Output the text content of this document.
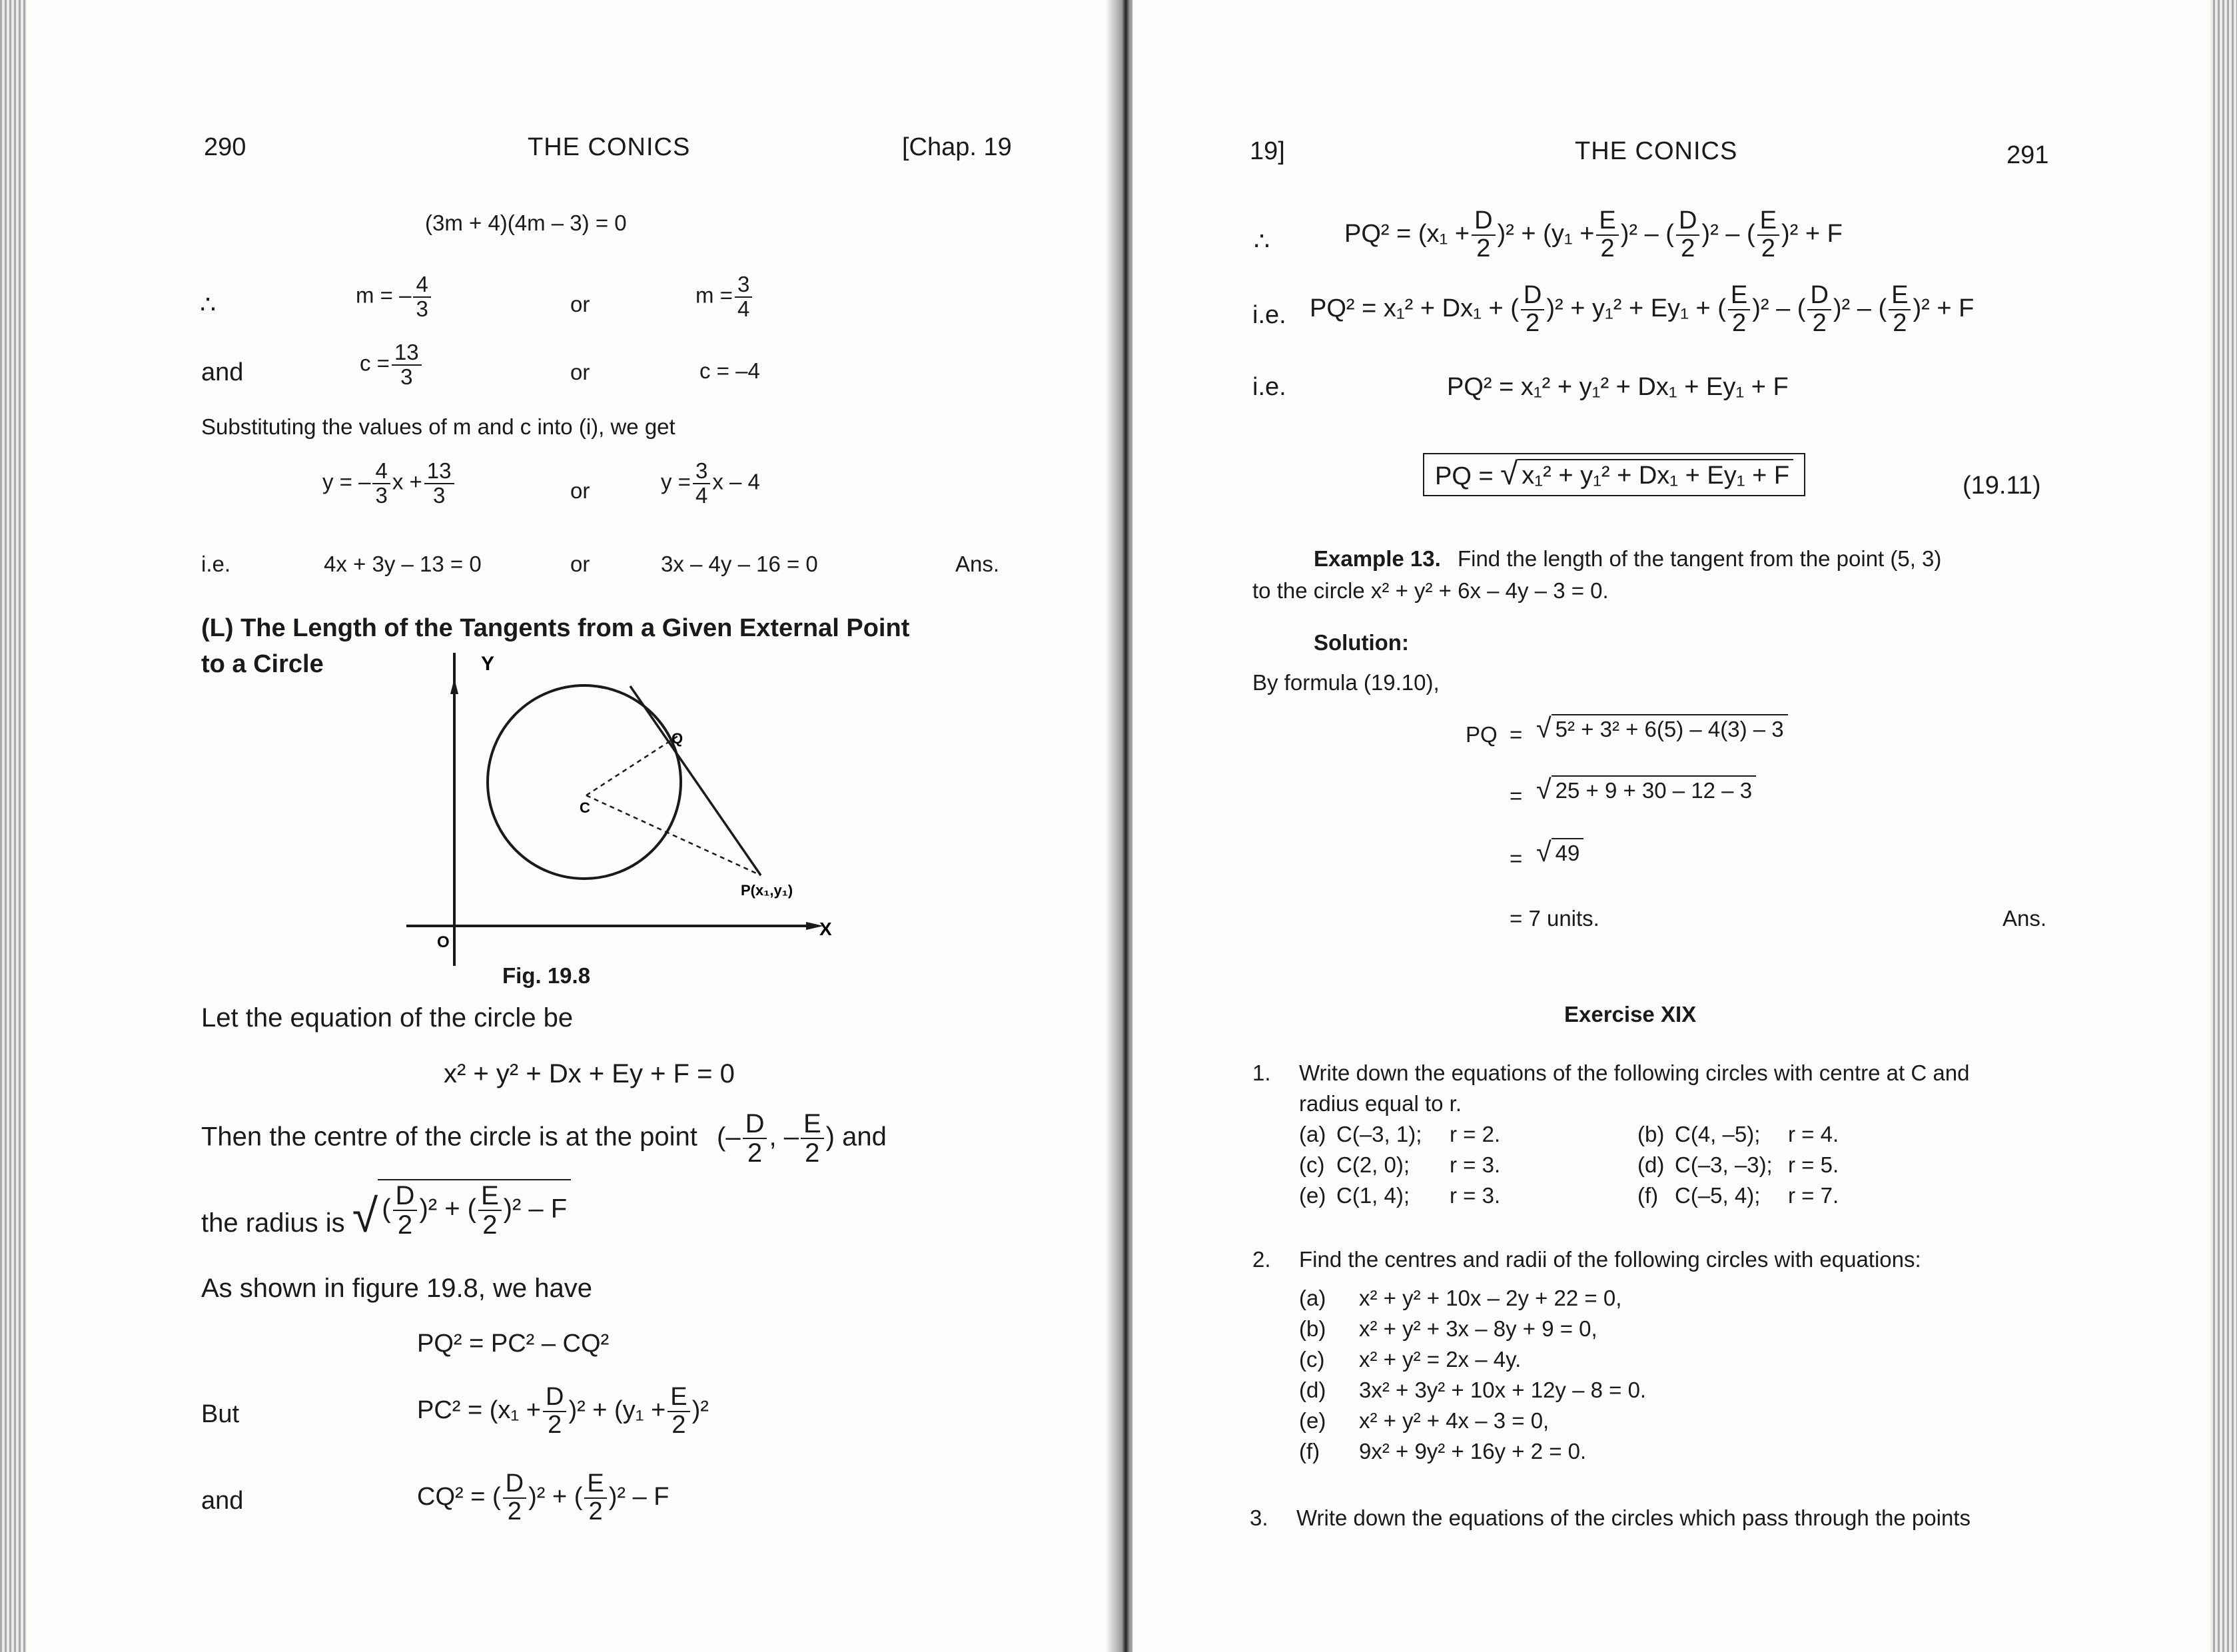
290	THE CONICS	[Chap. 19
(3m + 4)(4m – 3) = 0
∴	m = – $\frac{4}{3}$	or	$m = \frac{3}{4}$
and	$c = \frac{13}{3}$	or	c = –4
Substituting the values of m and c into (i), we get
y = – $\frac{4}{3}$ $x + \frac{13}{3}$	or	$y = \frac{3}{4}$ x – 4
i.e.	4x + 3y – 13 = 0	or	3x – 4y – 16 = 0	Ans.
(L) The Length of the Tangents from a Given External Point
to a Circle	Y
X
O
Q
C
P(x₁,y₁)
Fig. 19.8
Let the equation of the circle be
x² + y² + Dx + Ey + F = 0
Then the centre of the circle is at the point (– $\frac{D}{2}$ , – $\frac{E}{2}$ ) and
the radius is √ ( $\frac{D}{2} )^2$ + ( $\frac{E}{2} )^2$ – F
As shown in figure 19.8, we have
PQ² = PC² – CQ²
But	$PC^2 = (x_1 + \frac{D}{2} )^2 + (y_1 + \frac{E}{2} )^2$
and	CQ² = ( $\frac{D}{2} )^2$ + ( $\frac{E}{2} )^2$ – F
19]	THE CONICS	291
∴	$PQ^2 = (x_1 + \frac{D}{2} )^2 + (y_1 + \frac{E}{2} )^2$ – ( $\frac{D}{2} )^2$ – ( $\frac{E}{2} )^2 + F$
i.e. PQ² = x₁² + Dx₁ + ( $\frac{D}{2} )^2 + y_1^2 + Ey_1$ + ( $\frac{E}{2} )^2$ – ( $\frac{D}{2} )^2$ – ( $\frac{E}{2} )^2 + F$
i.e.	PQ² = x₁² + y₁² + Dx₁ + Ey₁ + F
PQ = √ x₁² + y₁² + Dx₁ + Ey₁ + F	(19.11)
Example 13. Find the length of the tangent from the point (5, 3)
to the circle x² + y² + 6x – 4y – 3 = 0.
Solution:
By formula (19.10),
PQ = √ 5² + 3² + 6(5) – 4(3) – 3
= √ 25 + 9 + 30 – 12 – 3
= √ 49
= 7 units.	Ans.
Exercise XIX
1. Write down the equations of the following circles with centre at C and
radius equal to r.
2. Find the centres and radii of the following circles with equations:
3. Write down the equations of the circles which pass through the points
(a) C(–3, 1); r = 2.	(b) C(4, –5); r = 4.
(c) C(2, 0); r = 3.	(d) C(–3, –3); r = 5.
(e) C(1, 4); r = 3.	(f) C(–5, 4); r = 7.
(a) x² + y² + 10x – 2y + 22 = 0,
(b) x² + y² + 3x – 8y + 9 = 0,
(c) x² + y² = 2x – 4y.
(d) 3x² + 3y² + 10x + 12y – 8 = 0.
(e) x² + y² + 4x – 3 = 0,
(f) 9x² + 9y² + 16y + 2 = 0.
